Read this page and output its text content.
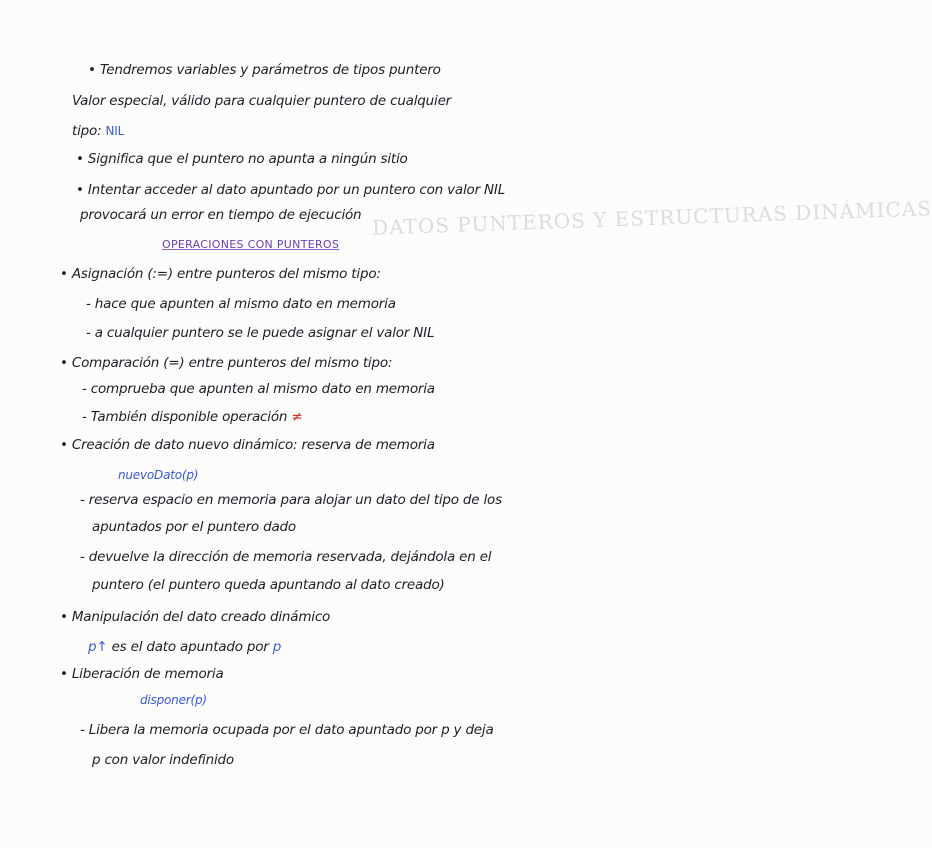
DATOS PUNTEROS Y ESTRUCTURAS DINÁMICAS
• Tendremos variables y parámetros de tipos puntero
Valor especial, válido para cualquier puntero de cualquier
tipo: NIL
• Significa que el puntero no apunta a ningún sitio
• Intentar acceder al dato apuntado por un puntero con valor NIL
provocará un error en tiempo de ejecución
OPERACIONES CON PUNTEROS
• Asignación (:=) entre punteros del mismo tipo:
- hace que apunten al mismo dato en memoria
- a cualquier puntero se le puede asignar el valor NIL
• Comparación (=) entre punteros del mismo tipo:
- comprueba que apunten al mismo dato en memoria
- También disponible operación ≠
• Creación de dato nuevo dinámico: reserva de memoria
nuevoDato(p)
- reserva espacio en memoria para alojar un dato del tipo de los
apuntados por el puntero dado
- devuelve la dirección de memoria reservada, dejándola en el
puntero (el puntero queda apuntando al dato creado)
• Manipulación del dato creado dinámico
p↑ es el dato apuntado por p
• Liberación de memoria
disponer(p)
- Libera la memoria ocupada por el dato apuntado por p y deja
p con valor indefinido
